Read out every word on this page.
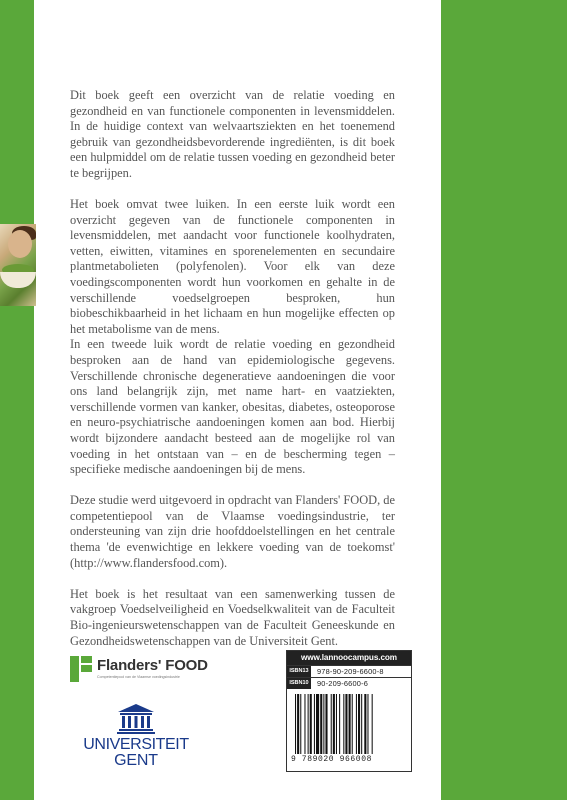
Dit boek geeft een overzicht van de relatie voeding en gezondheid en van functionele componenten in levensmiddelen. In de huidige context van welvaartsziekten en het toenemend gebruik van gezondheidsbevorderende ingrediënten, is dit boek een hulpmiddel om de relatie tussen voeding en gezondheid beter te begrijpen.

Het boek omvat twee luiken. In een eerste luik wordt een overzicht gegeven van de functionele componenten in levensmiddelen, met aandacht voor functionele koolhydraten, vetten, eiwitten, vitamines en sporenelementen en secundaire plantmetabolieten (polyfenolen). Voor elk van deze voedingscomponenten wordt hun voorkomen en gehalte in de verschillende voedselgroepen besproken, hun biobeschikbaarheid in het lichaam en hun mogelijke effecten op het metabolisme van de mens.

In een tweede luik wordt de relatie voeding en gezondheid besproken aan de hand van epidemiologische gegevens. Verschillende chronische degeneratieve aandoeningen die voor ons land belangrijk zijn, met name hart- en vaatziekten, verschillende vormen van kanker, obesitas, diabetes, osteoporose en neuro-psychiatrische aandoeningen komen aan bod. Hierbij wordt bijzondere aandacht besteed aan de mogelijke rol van voeding in het ontstaan van – en de bescherming tegen – specifieke medische aandoeningen bij de mens.

Deze studie werd uitgevoerd in opdracht van Flanders' FOOD, de competentiepool van de Vlaamse voedingsindustrie, ter ondersteuning van zijn drie hoofddoelstellingen en het centrale thema 'de evenwichtige en lekkere voeding van de toekomst' (http://www.flandersfood.com).

Het boek is het resultaat van een samenwerking tussen de vakgroep Voedselveiligheid en Voedselkwaliteit van de Faculteit Bio-ingenieurswetenschappen van de Faculteit Geneeskunde en Gezondheidswetenschappen van de Universiteit Gent.

Flanders' FOOD
Competentiepool van de Vlaamse voedingsindustrie
UNIVERSITEIT
GENT
www.lannoocampus.com
ISBN13	978-90-209-6600-8
ISBN10	90-209-6600-6
9 789020 966008
